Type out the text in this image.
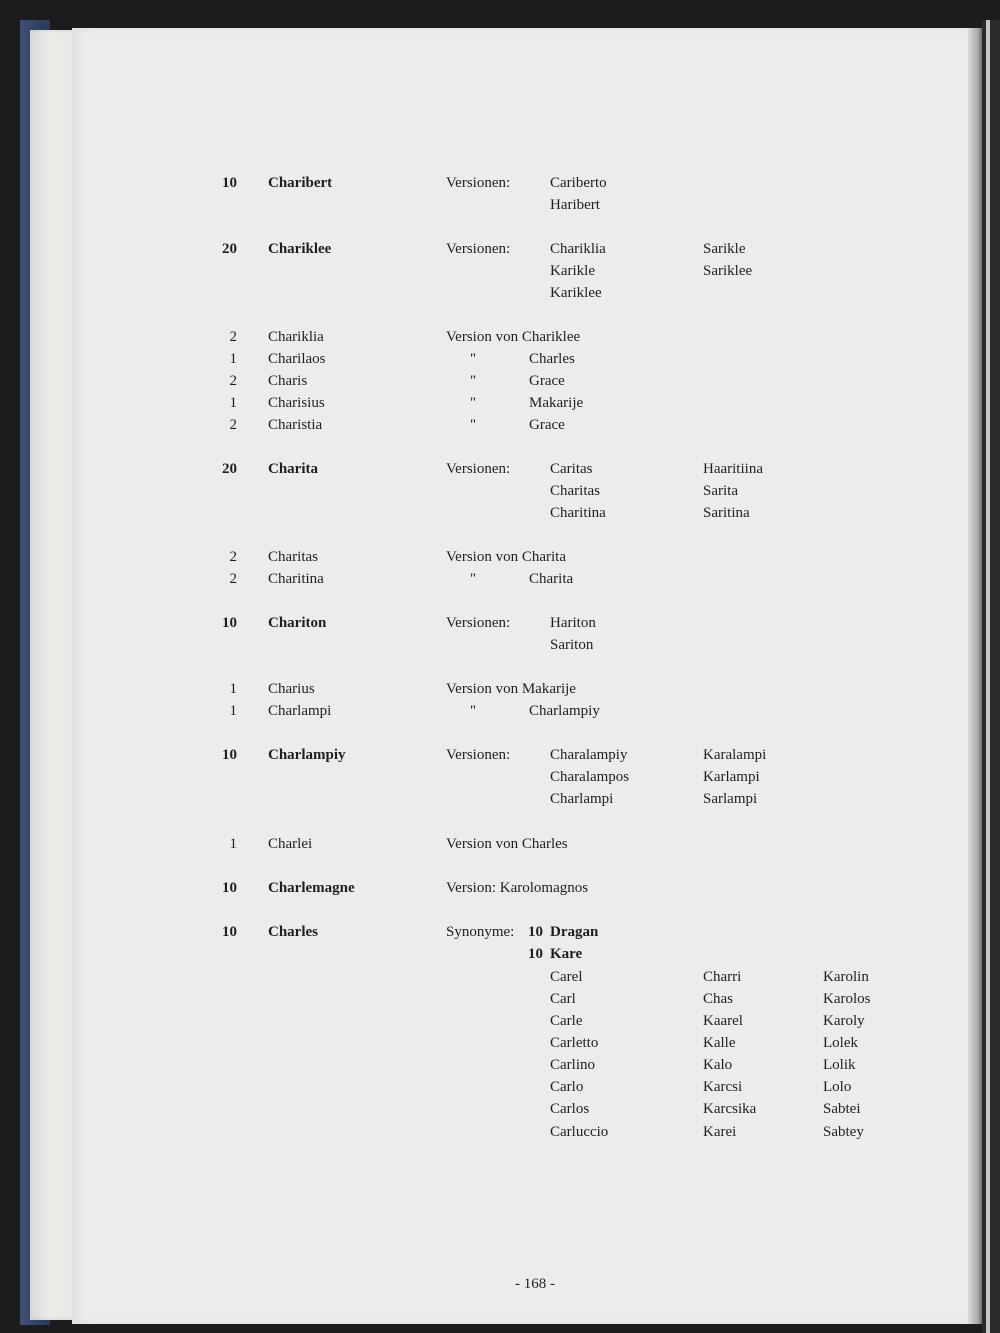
10 Charibert	Versionen:	Cariberto
Haribert
20 Chariklee	Versionen:	Chariklia	Sarikle
Karikle	Sariklee
Kariklee
2 Chariklia	Version von Chariklee
1 Charilaos	"	Charles
2 Charis	"	Grace
1 Charisius	"	Makarije
2 Charistia	"	Grace
20 Charita	Versionen:	Caritas	Haaritiina
Charitas	Sarita
Charitina	Saritina
2 Charitas	Version von Charita
2 Charitina	"	Charita
10 Chariton	Versionen:	Hariton
Sariton
1 Charius	Version von Makarije
1 Charlampi	"	Charlampiy
10 Charlampiy	Versionen:	Charalampiy	Karalampi
Charalampos	Karlampi
Charlampi	Sarlampi
1 Charlei	Version von Charles
10 Charlemagne	Version: Karolomagnos
10 Charles	Synonyme: 10 Dragan
10 Kare
Carel	Charri	Karolin
Carl	Chas	Karolos
Carle	Kaarel	Karoly
Carletto	Kalle	Lolek
Carlino	Kalo	Lolik
Carlo	Karcsi	Lolo
Carlos	Karcsika	Sabtei
Carluccio	Karei	Sabtey
- 168 -
